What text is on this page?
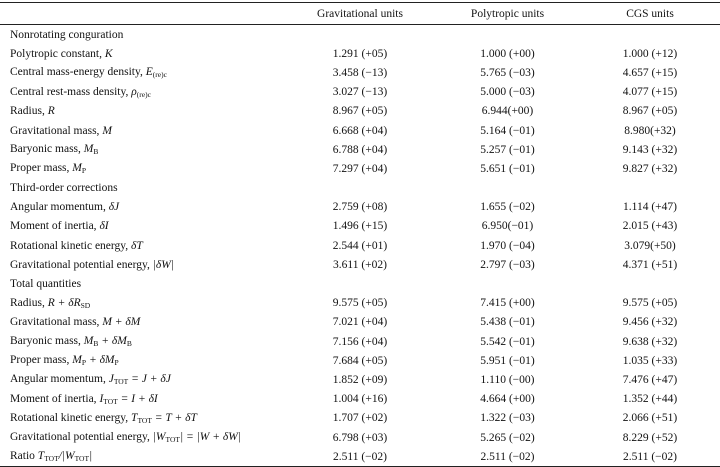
	Gravitational units	Polytropic units	CGS units
Nonrotating conguration			
Polytropic constant, K	1.291 (+05)	1.000 (+00)	1.000 (+12)
Central mass-energy density, $E_{(re)c}$	3.458 (−13)	5.765 (−03)	4.657 (+15)
Central rest-mass density, $\rho_{(re)c}$	3.027 (−13)	5.000 (−03)	4.077 (+15)
Radius, R	8.967 (+05)	6.944(+00)	8.967 (+05)
Gravitational mass, M	6.668 (+04)	5.164 (−01)	8.980(+32)
Baryonic mass, $M_B$	6.788 (+04)	5.257 (−01)	9.143 (+32)
Proper mass, $M_P$	7.297 (+04)	5.651 (−01)	9.827 (+32)
Third-order corrections			
Angular momentum, δJ	2.759 (+08)	1.655 (−02)	1.114 (+47)
Moment of inertia, δI	1.496 (+15)	6.950(−01)	2.015 (+43)
Rotational kinetic energy, δT	2.544 (+01)	1.970 (−04)	3.079(+50)
Gravitational potential energy, |δW|	3.611 (+02)	2.797 (−03)	4.371 (+51)
Total quantities			
Radius, $R + \delta R_{SD}$	9.575 (+05)	7.415 (+00)	9.575 (+05)
Gravitational mass, M + δM	7.021 (+04)	5.438 (−01)	9.456 (+32)
Baryonic mass, $M_B + \delta M_B$	7.156 (+04)	5.542 (−01)	9.638 (+32)
Proper mass, $M_P + \delta M_P$	7.684 (+05)	5.951 (−01)	1.035 (+33)
Angular momentum, $J_{TOT} = J + \delta J$	1.852 (+09)	1.110 (−00)	7.476 (+47)
Moment of inertia, $I_{TOT} = I + \delta I$	1.004 (+16)	4.664 (+00)	1.352 (+44)
Rotational kinetic energy, $T_{TOT} = T + \delta T$	1.707 (+02)	1.322 (−03)	2.066 (+51)
Gravitational potential energy, $|W_{TOT}| = |W + \delta W|$	6.798 (+03)	5.265 (−02)	8.229 (+52)
Ratio $T_{TOT}/|W_{TOT}|$	2.511 (−02)	2.511 (−02)	2.511 (−02)
